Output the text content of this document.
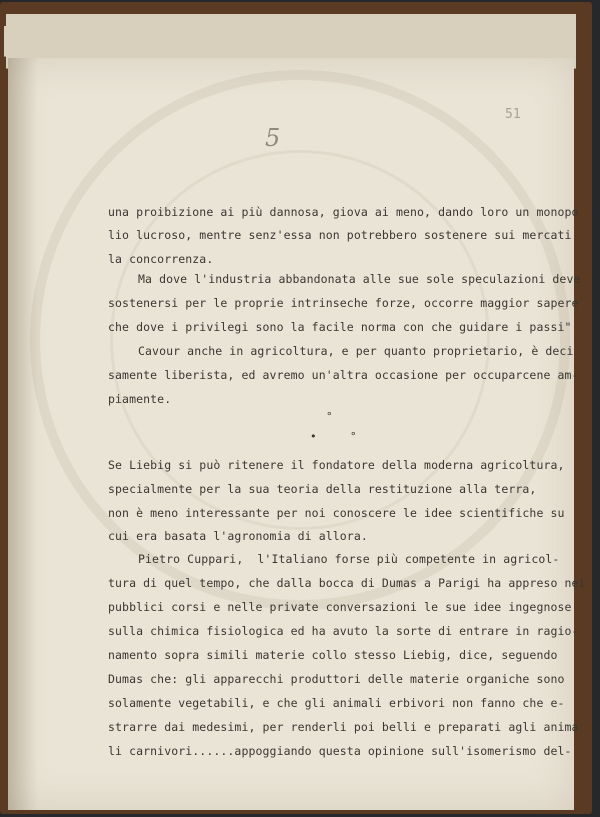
51
5
una proibizione ai più dannosa, giova ai meno, dando loro un monopo
lio lucroso, mentre senz'essa non potrebbero sostenere sui mercati
la concorrenza.
Ma dove l'industria abbandonata alle sue sole speculazioni deve
sostenersi per le proprie intrinseche forze, occorre maggior sapere
che dove i privilegi sono la facile norma con che guidare i passi"
Cavour anche in agricoltura, e per quanto proprietario, è deci
samente liberista, ed avremo un'altra occasione per occuparcene am-
piamente.
°
•	°
Se Liebig si può ritenere il fondatore della moderna agricoltura,
specialmente per la sua teoria della restituzione alla terra,
non è meno interessante per noi conoscere le idee scientifiche su
cui era basata l'agronomia di allora.
Pietro Cuppari,  l'Italiano forse più competente in agricol-
tura di quel tempo, che dalla bocca di Dumas a Parigi ha appreso nei
pubblici corsi e nelle private conversazioni le sue idee ingegnose
sulla chimica fisiologica ed ha avuto la sorte di entrare in ragio-
namento sopra simili materie collo stesso Liebig, dice, seguendo
Dumas che: gli apparecchi produttori delle materie organiche sono
solamente vegetabili, e che gli animali erbivori non fanno che e-
strarre dai medesimi, per renderli poi belli e preparati agli anima
li carnivori......appoggiando questa opinione sull'isomerismo del-
